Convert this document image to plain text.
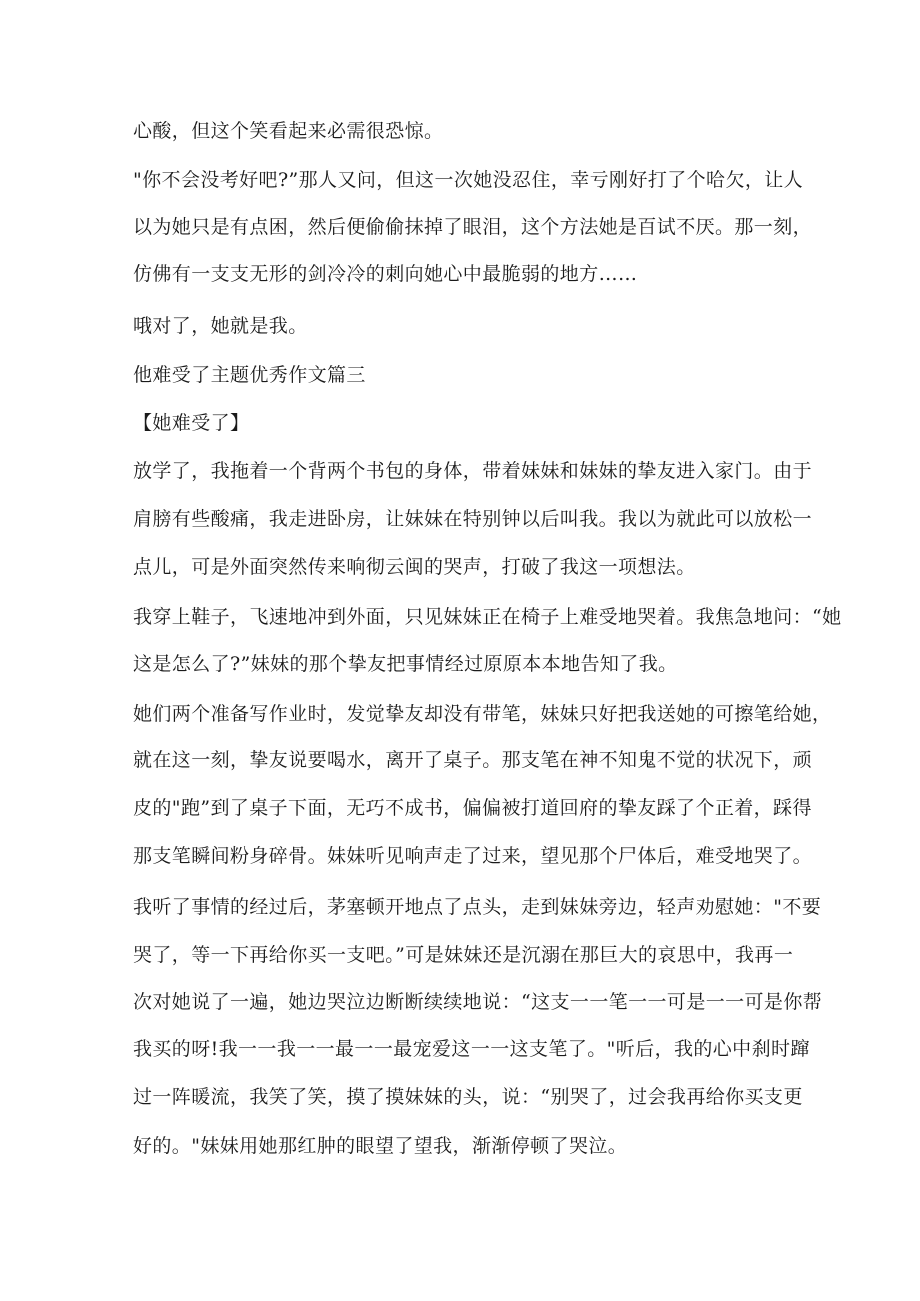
心酸，但这个笑看起来必需很恐惊。
"你不会没考好吧?”那人又问，但这一次她没忍住，幸亏刚好打了个哈欠，让人
以为她只是有点困，然后便偷偷抹掉了眼泪，这个方法她是百试不厌。那一刻，
仿佛有一支支无形的剑冷冷的刺向她心中最脆弱的地方……
哦对了，她就是我。
他难受了主题优秀作文篇三
【她难受了】
放学了，我拖着一个背两个书包的身体，带着妹妹和妹妹的挚友进入家门。由于
肩膀有些酸痛，我走进卧房，让妹妹在特别钟以后叫我。我以为就此可以放松一
点儿，可是外面突然传来响彻云闽的哭声，打破了我这一项想法。
我穿上鞋子，飞速地冲到外面，只见妹妹正在椅子上难受地哭着。我焦急地问：“她
这是怎么了?”妹妹的那个挚友把事情经过原原本本地告知了我。
她们两个准备写作业时，发觉挚友却没有带笔，妹妹只好把我送她的可擦笔给她，
就在这一刻，挚友说要喝水，离开了桌子。那支笔在神不知鬼不觉的状况下，顽
皮的"跑”到了桌子下面，无巧不成书，偏偏被打道回府的挚友踩了个正着，踩得
那支笔瞬间粉身碎骨。妹妹听见响声走了过来，望见那个尸体后，难受地哭了。
我听了事情的经过后，茅塞顿开地点了点头，走到妹妹旁边，轻声劝慰她："不要
哭了，等一下再给你买一支吧。”可是妹妹还是沉溺在那巨大的哀思中，我再一
次对她说了一遍，她边哭泣边断断续续地说：“这支一一笔一一可是一一可是你帮
我买的呀!我一一我一一最一一最宠爱这一一这支笔了。"听后，我的心中刹时蹿
过一阵暖流，我笑了笑，摸了摸妹妹的头，说：“别哭了，过会我再给你买支更
好的。"妹妹用她那红肿的眼望了望我，渐渐停顿了哭泣。
